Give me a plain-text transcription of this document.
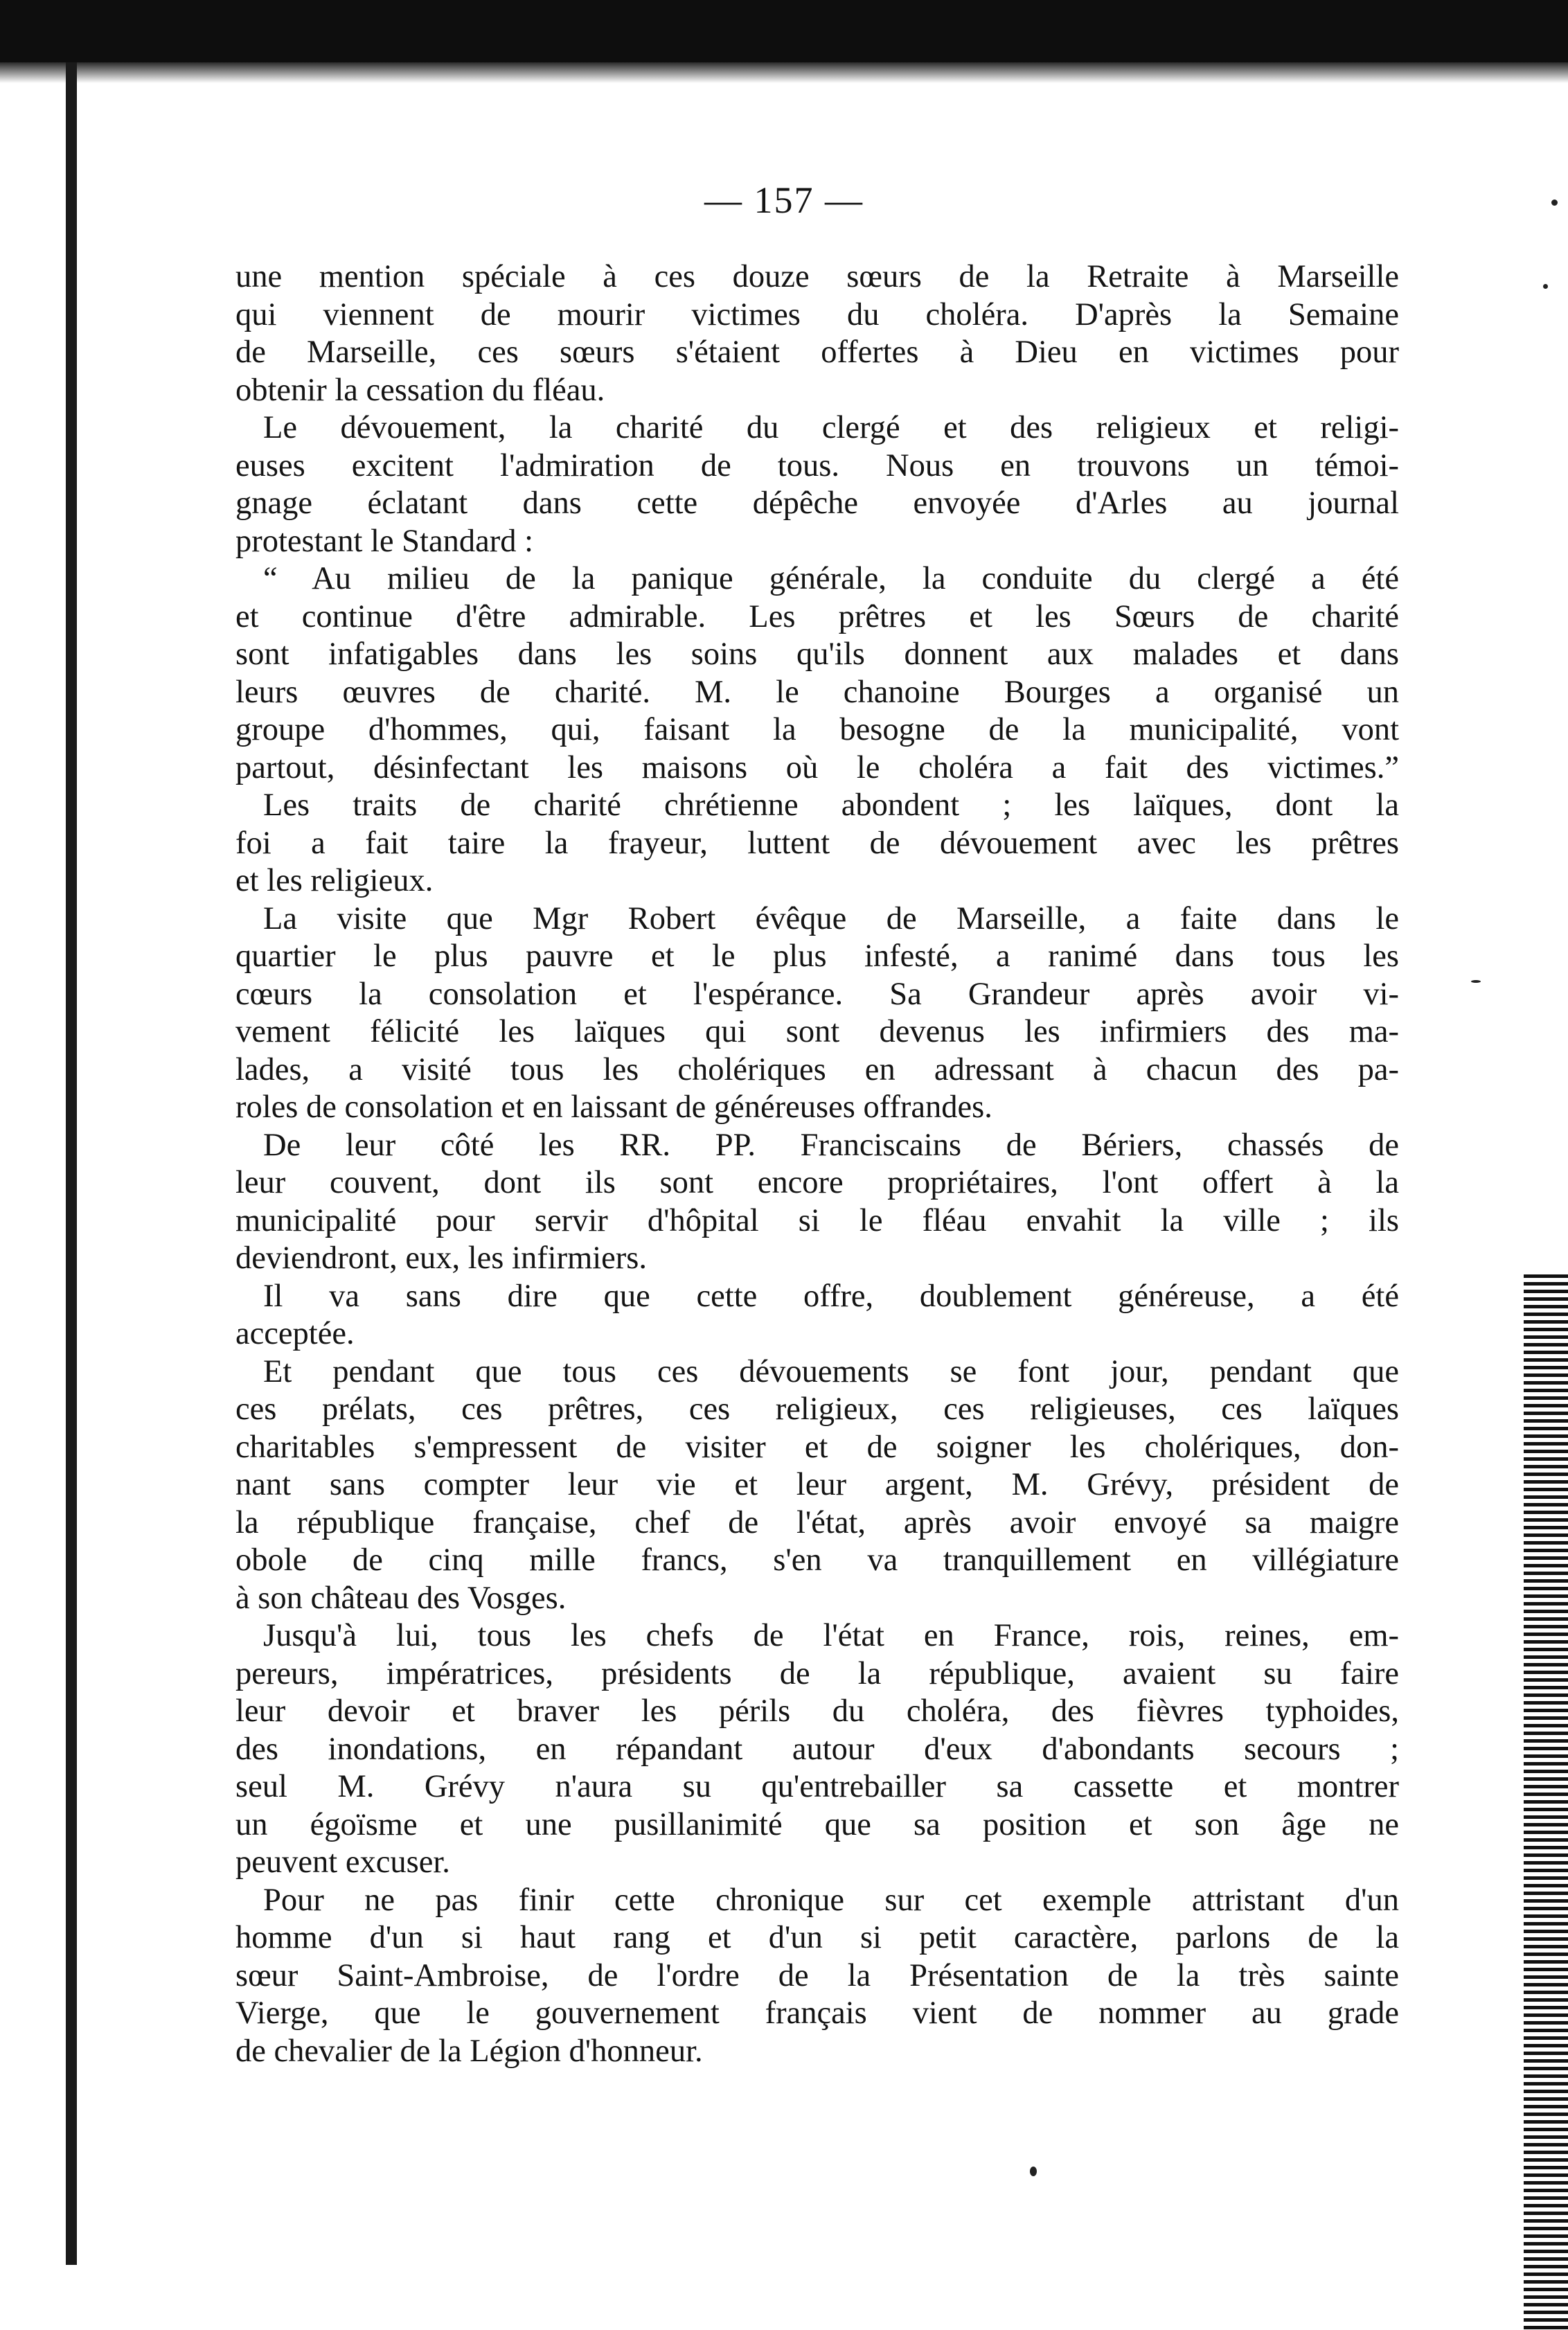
— 157 —
une mention spéciale à ces douze sœurs de la Retraite à Marseille
qui viennent de mourir victimes du choléra. D'après la Semaine
de Marseille, ces sœurs s'étaient offertes à Dieu en victimes pour
obtenir la cessation du fléau.
Le dévouement, la charité du clergé et des religieux et religi-
euses excitent l'admiration de tous. Nous en trouvons un témoi-
gnage éclatant dans cette dépêche envoyée d'Arles au journal
protestant le Standard :
“ Au milieu de la panique générale, la conduite du clergé a été
et continue d'être admirable. Les prêtres et les Sœurs de charité
sont infatigables dans les soins qu'ils donnent aux malades et dans
leurs œuvres de charité. M. le chanoine Bourges a organisé un
groupe d'hommes, qui, faisant la besogne de la municipalité, vont
partout, désinfectant les maisons où le choléra a fait des victimes.”
Les traits de charité chrétienne abondent ; les laïques, dont la
foi a fait taire la frayeur, luttent de dévouement avec les prêtres
et les religieux.
La visite que Mgr Robert évêque de Marseille, a faite dans le
quartier le plus pauvre et le plus infesté, a ranimé dans tous les
cœurs la consolation et l'espérance. Sa Grandeur après avoir vi-
vement félicité les laïques qui sont devenus les infirmiers des ma-
lades, a visité tous les cholériques en adressant à chacun des pa-
roles de consolation et en laissant de généreuses offrandes.
De leur côté les RR. PP. Franciscains de Bériers, chassés de
leur couvent, dont ils sont encore propriétaires, l'ont offert à la
municipalité pour servir d'hôpital si le fléau envahit la ville ; ils
deviendront, eux, les infirmiers.
Il va sans dire que cette offre, doublement généreuse, a été
acceptée.
Et pendant que tous ces dévouements se font jour, pendant que
ces prélats, ces prêtres, ces religieux, ces religieuses, ces laïques
charitables s'empressent de visiter et de soigner les cholériques, don-
nant sans compter leur vie et leur argent, M. Grévy, président de
la république française, chef de l'état, après avoir envoyé sa maigre
obole de cinq mille francs, s'en va tranquillement en villégiature
à son château des Vosges.
Jusqu'à lui, tous les chefs de l'état en France, rois, reines, em-
pereurs, impératrices, présidents de la république, avaient su faire
leur devoir et braver les périls du choléra, des fièvres typhoides,
des inondations, en répandant autour d'eux d'abondants secours ;
seul M. Grévy n'aura su qu'entrebailler sa cassette et montrer
un égoïsme et une pusillanimité que sa position et son âge ne
peuvent excuser.
Pour ne pas finir cette chronique sur cet exemple attristant d'un
homme d'un si haut rang et d'un si petit caractère, parlons de la
sœur Saint-Ambroise, de l'ordre de la Présentation de la très sainte
Vierge, que le gouvernement français vient de nommer au grade
de chevalier de la Légion d'honneur.
